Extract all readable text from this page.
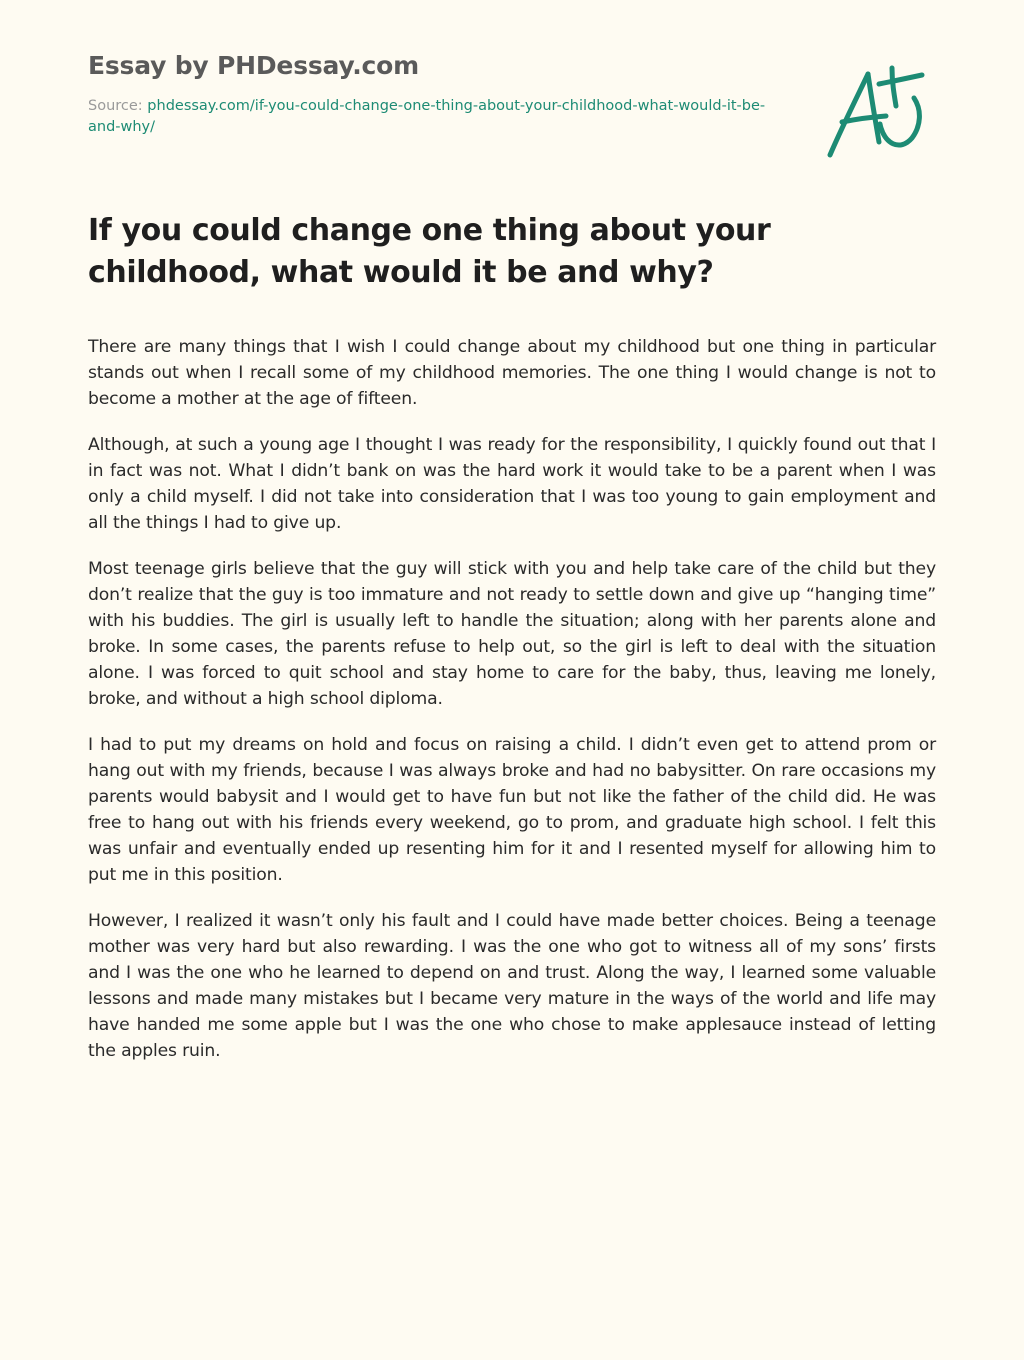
Essay by PHDessay.com
Source: phdessay.com/if-you-could-change-one-thing-about-your-childhood-what-would-it-be-and-why/
If you could change one thing about your childhood, what would it be and why?

There are many things that I wish I could change about my childhood but one thing in particular stands out when I recall some of my childhood memories. The one thing I would change is not to become a mother at the age of fifteen.

Although, at such a young age I thought I was ready for the responsibility, I quickly found out that I in fact was not. What I didn’t bank on was the hard work it would take to be a parent when I was only a child myself. I did not take into consideration that I was too young to gain employment and all the things I had to give up.

Most teenage girls believe that the guy will stick with you and help take care of the child but they don’t realize that the guy is too immature and not ready to settle down and give up “hanging time” with his buddies. The girl is usually left to handle the situation; along with her parents alone and broke. In some cases, the parents refuse to help out, so the girl is left to deal with the situation alone. I was forced to quit school and stay home to care for the baby, thus, leaving me lonely, broke, and without a high school diploma.

I had to put my dreams on hold and focus on raising a child. I didn’t even get to attend prom or hang out with my friends, because I was always broke and had no babysitter. On rare occasions my parents would babysit and I would get to have fun but not like the father of the child did. He was free to hang out with his friends every weekend, go to prom, and graduate high school. I felt this was unfair and eventually ended up resenting him for it and I resented myself for allowing him to put me in this position.

However, I realized it wasn’t only his fault and I could have made better choices. Being a teenage mother was very hard but also rewarding. I was the one who got to witness all of my sons’ firsts and I was the one who he learned to depend on and trust. Along the way, I learned some valuable lessons and made many mistakes but I became very mature in the ways of the world and life may have handed me some apple but I was the one who chose to make applesauce instead of letting the apples ruin.
